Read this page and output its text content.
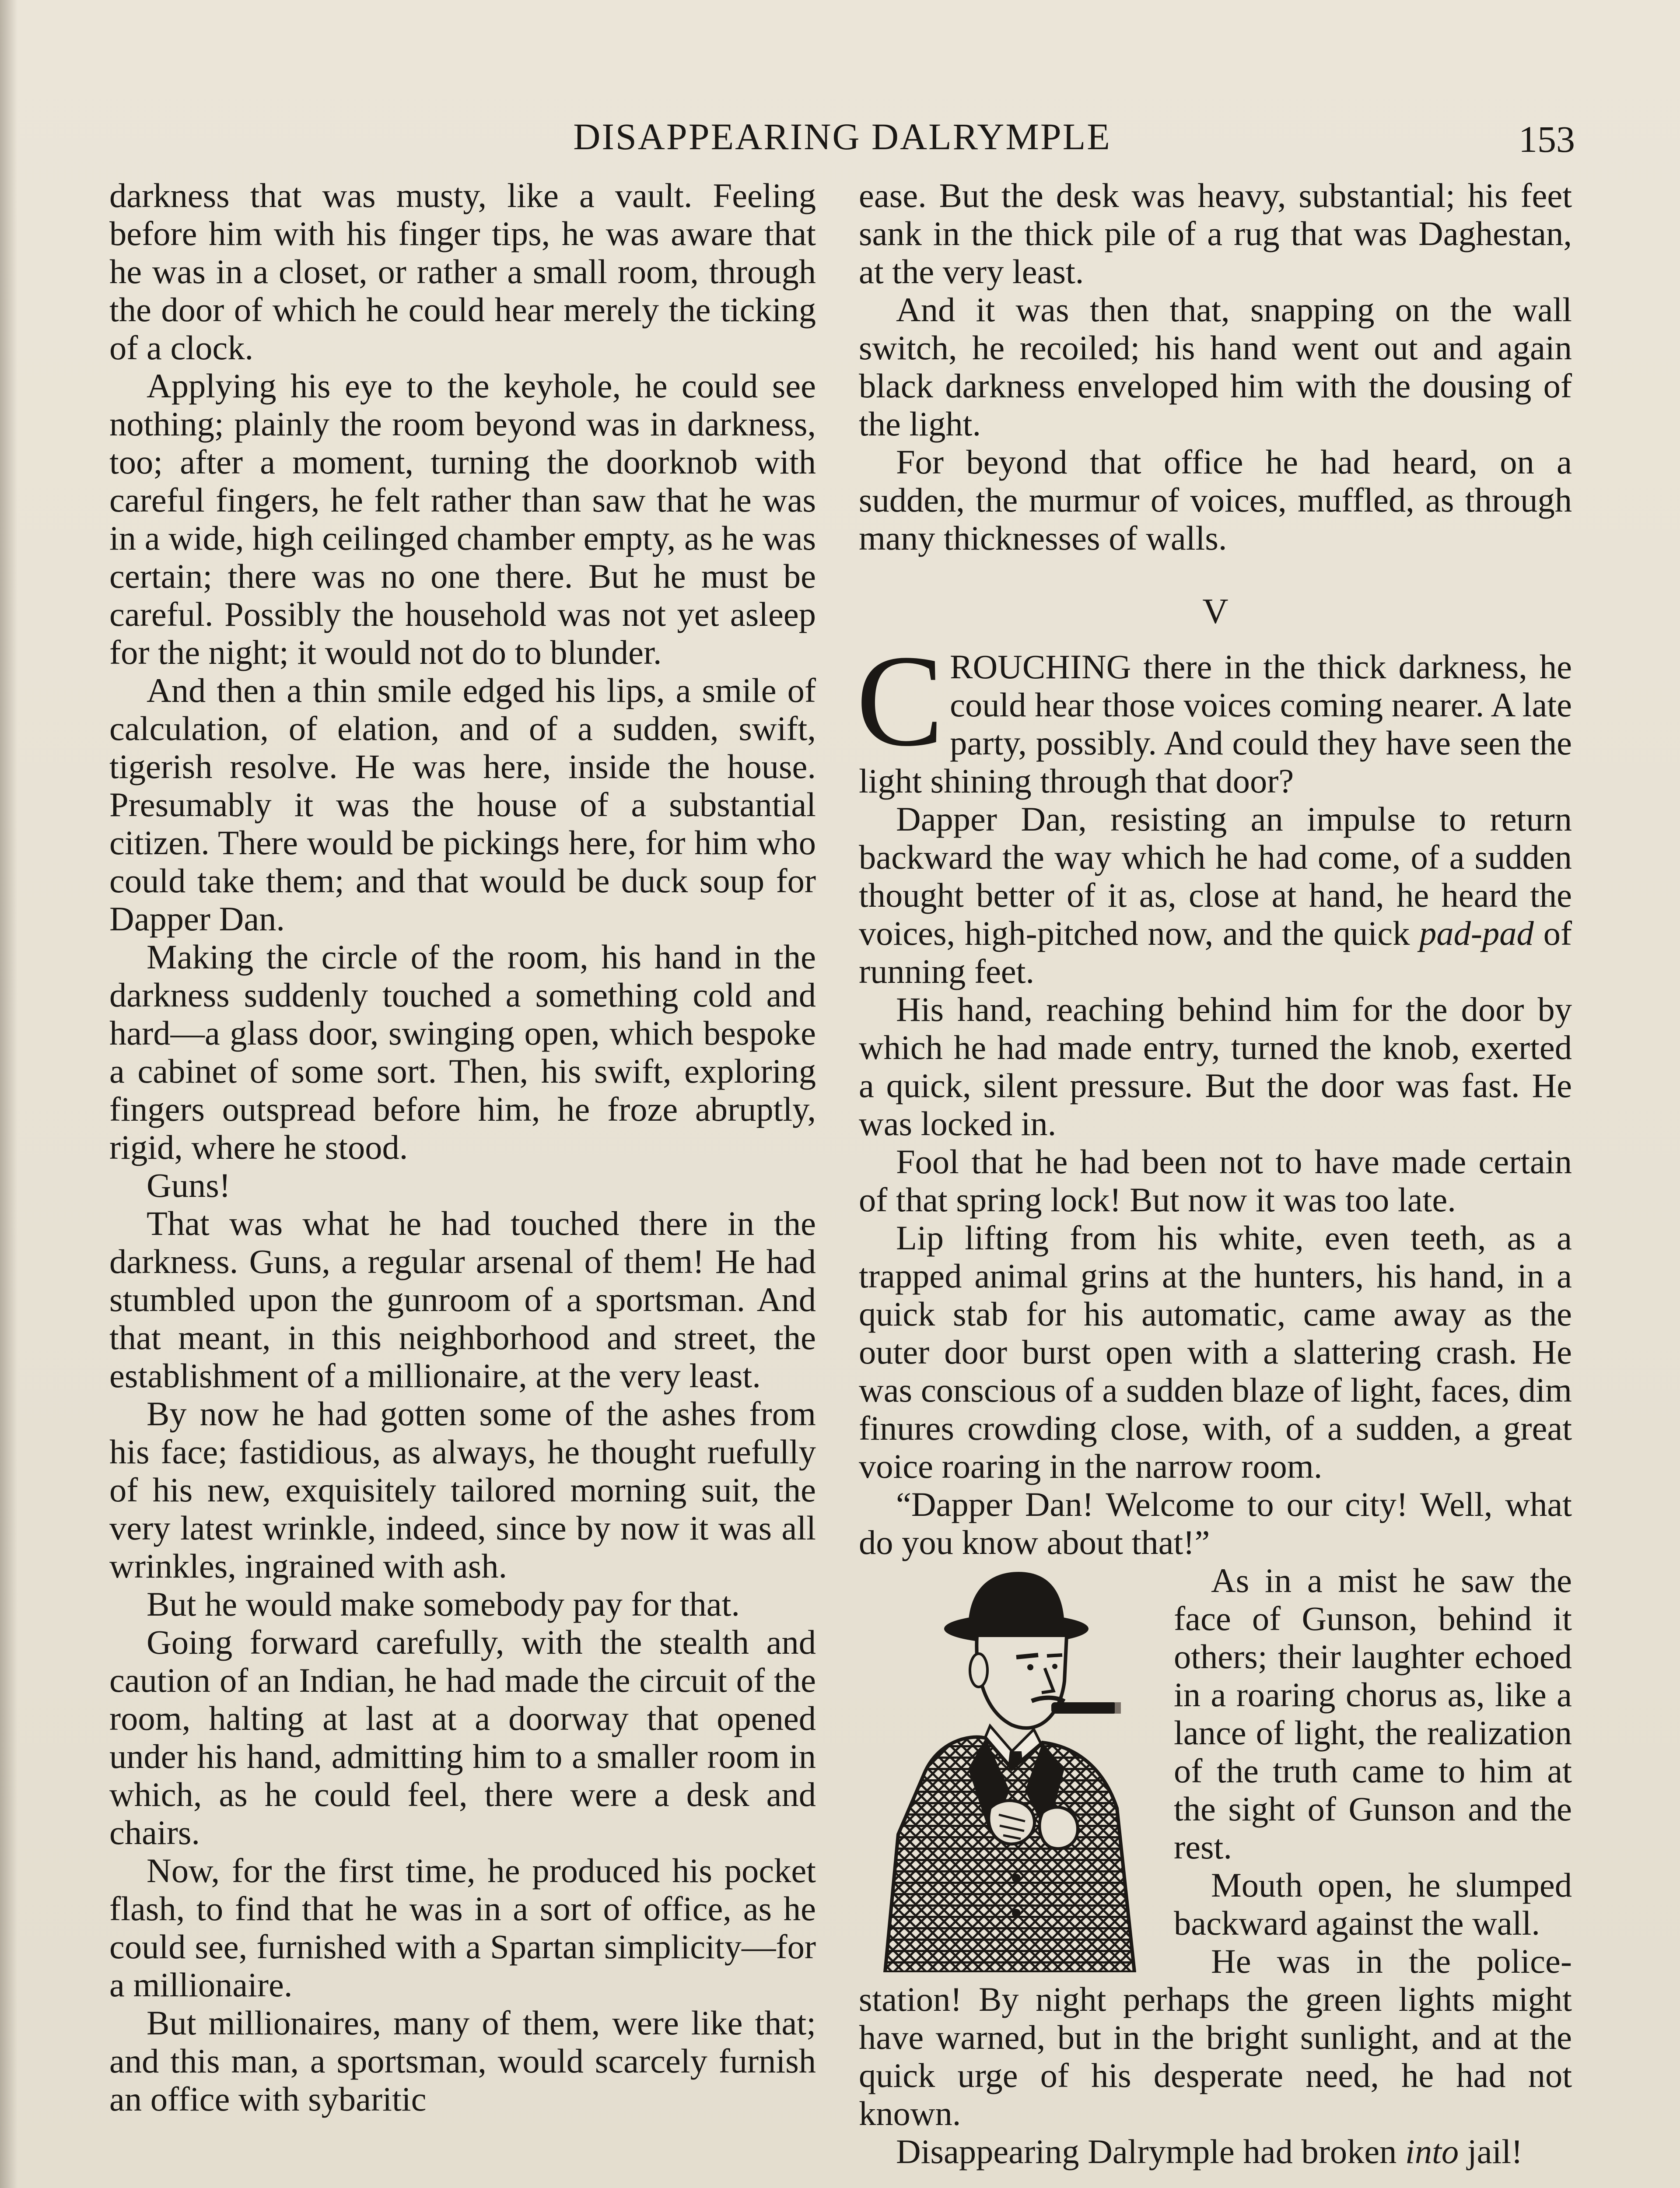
DISAPPEARING DALRYMPLE	153

darkness that was musty, like a vault. Feeling before him with his finger tips, he was aware that he was in a closet, or rather a small room, through the door of which he could hear merely the ticking of a clock.

Applying his eye to the keyhole, he could see nothing; plainly the room beyond was in darkness, too; after a moment, turning the doorknob with careful fingers, he felt rather than saw that he was in a wide, high ceilinged chamber empty, as he was certain; there was no one there. But he must be careful. Possibly the household was not yet asleep for the night; it would not do to blunder.

And then a thin smile edged his lips, a smile of calculation, of elation, and of a sudden, swift, tigerish resolve. He was here, inside the house. Presumably it was the house of a substantial citizen. There would be pickings here, for him who could take them; and that would be duck soup for Dapper Dan.

Making the circle of the room, his hand in the darkness suddenly touched a something cold and hard—a glass door, swinging open, which bespoke a cabinet of some sort. Then, his swift, exploring fingers outspread before him, he froze abruptly, rigid, where he stood.

Guns!

That was what he had touched there in the darkness. Guns, a regular arsenal of them! He had stumbled upon the gunroom of a sportsman. And that meant, in this neighborhood and street, the establishment of a millionaire, at the very least.

By now he had gotten some of the ashes from his face; fastidious, as always, he thought ruefully of his new, exquisitely tailored morning suit, the very latest wrinkle, indeed, since by now it was all wrinkles, ingrained with ash.

But he would make somebody pay for that.

Going forward carefully, with the stealth and caution of an Indian, he had made the circuit of the room, halting at last at a doorway that opened under his hand, admitting him to a smaller room in which, as he could feel, there were a desk and chairs.

Now, for the first time, he produced his pocket flash, to find that he was in a sort of office, as he could see, furnished with a Spartan simplicity—for a millionaire.

But millionaires, many of them, were like that; and this man, a sportsman, would scarcely furnish an office with sybaritic

ease. But the desk was heavy, substantial; his feet sank in the thick pile of a rug that was Daghestan, at the very least.

And it was then that, snapping on the wall switch, he recoiled; his hand went out and again black darkness enveloped him with the dousing of the light.

For beyond that office he had heard, on a sudden, the murmur of voices, muffled, as through many thicknesses of walls.

V

CROUCHING there in the thick darkness, he could hear those voices coming nearer. A late party, possibly. And could they have seen the light shining through that door?

Dapper Dan, resisting an impulse to return backward the way which he had come, of a sudden thought better of it as, close at hand, he heard the voices, high-pitched now, and the quick pad-pad of running feet.

His hand, reaching behind him for the door by which he had made entry, turned the knob, exerted a quick, silent pressure. But the door was fast. He was locked in.

Fool that he had been not to have made certain of that spring lock! But now it was too late.

Lip lifting from his white, even teeth, as a trapped animal grins at the hunters, his hand, in a quick stab for his automatic, came away as the outer door burst open with a slattering crash. He was conscious of a sudden blaze of light, faces, dim finures crowding close, with, of a sudden, a great voice roaring in the narrow room.

“Dapper Dan! Welcome to our city! Well, what do you know about that!”

As in a mist he saw the face of Gunson, behind it others; their laughter echoed in a roaring chorus as, like a lance of light, the realization of the truth came to him at the sight of Gunson and the rest.

Mouth open, he slumped backward against the wall.

He was in the police-station! By night perhaps the green lights might have warned, but in the bright sunlight, and at the quick urge of his desperate need, he had not known.

Disappearing Dalrymple had broken into jail!
